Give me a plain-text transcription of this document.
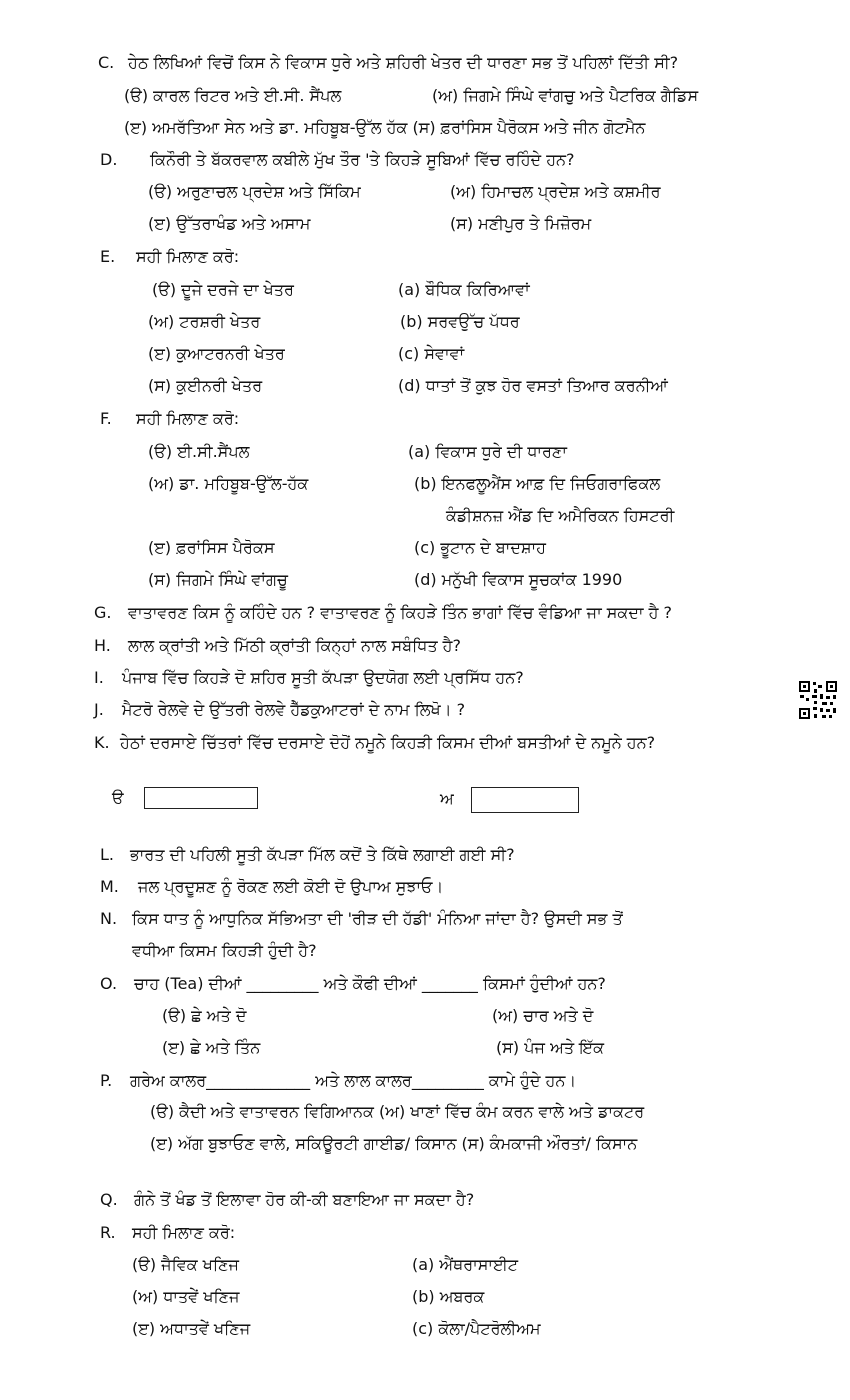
C. ਹੇਠ ਲਿਖਿਆਂ ਵਿਚੋਂ ਕਿਸ ਨੇ ਵਿਕਾਸ ਧੁਰੇ ਅਤੇ ਸ਼ਹਿਰੀ ਖੇਤਰ ਦੀ ਧਾਰਣਾ ਸਭ ਤੋਂ ਪਹਿਲਾਂ ਦਿੱਤੀ ਸੀ?
(ੳ) ਕਾਰਲ ਰਿਟਰ ਅਤੇ ਈ.ਸੀ. ਸੈਂਪਲ	(ਅ) ਜਿਗਮੇ ਸਿੰਘੇ ਵਾਂਗਚੁ ਅਤੇ ਪੈਟਰਿਕ ਗੈਡਿਸ
(ੲ) ਅਮਰੱਤਿਆ ਸੇਨ ਅਤੇ ਡਾ. ਮਹਿਬੂਬ-ਉੱਲ ਹੱਕ (ਸ) ਫ਼ਰਾਂਸਿਸ ਪੈਰੋਕਸ ਅਤੇ ਜੀਨ ਗੋਟਮੈਨ
D. ਕਿਨੌਰੀ ਤੇ ਬੱਕਰਵਾਲ ਕਬੀਲੇ ਮੁੱਖ ਤੌਰ 'ਤੇ ਕਿਹੜੇ ਸੂਬਿਆਂ ਵਿੱਚ ਰਹਿੰਦੇ ਹਨ?
(ੳ) ਅਰੁਣਾਚਲ ਪ੍ਰਦੇਸ਼ ਅਤੇ ਸਿੱਕਿਮ	(ਅ) ਹਿਮਾਚਲ ਪ੍ਰਦੇਸ਼ ਅਤੇ ਕਸ਼ਮੀਰ
(ੲ) ਉੱਤਰਾਖੰਡ ਅਤੇ ਅਸਾਮ	(ਸ) ਮਣੀਪੁਰ ਤੇ ਮਿਜ਼ੋਰਮ
E. ਸਹੀ ਮਿਲਾਣ ਕਰੋ:
(ੳ) ਦੂਜੇ ਦਰਜੇ ਦਾ ਖੇਤਰ	(a) ਬੌਧਿਕ ਕਿਰਿਆਵਾਂ
(ਅ) ਟਰਸ਼ਰੀ ਖੇਤਰ	(b) ਸਰਵਉੱਚ ਪੱਧਰ
(ੲ) ਕੁਆਟਰਨਰੀ ਖੇਤਰ	(c) ਸੇਵਾਵਾਂ
(ਸ) ਕੁਈਨਰੀ ਖੇਤਰ	(d) ਧਾਤਾਂ ਤੋਂ ਕੁਝ ਹੋਰ ਵਸਤਾਂ ਤਿਆਰ ਕਰਨੀਆਂ
F. ਸਹੀ ਮਿਲਾਣ ਕਰੋ:
(ੳ) ਈ.ਸੀ.ਸੈਂਪਲ	(a) ਵਿਕਾਸ ਧੁਰੇ ਦੀ ਧਾਰਣਾ
(ਅ) ਡਾ. ਮਹਿਬੂਬ-ਉੱਲ-ਹੱਕ	(b) ਇਨਫਲੂਐਂਸ ਆਫ਼ ਦਿ ਜਿਓਗਰਾਫਿਕਲ
ਕੰਡੀਸ਼ਨਜ਼ ਐਂਡ ਦਿ ਅਮੈਰਿਕਨ ਹਿਸਟਰੀ
(ੲ) ਫ਼ਰਾਂਸਿਸ ਪੈਰੋਕਸ	(c) ਭੂਟਾਨ ਦੇ ਬਾਦਸ਼ਾਹ
(ਸ) ਜਿਗਮੇ ਸਿੰਘੇ ਵਾਂਗਚੂ	(d) ਮਨੁੱਖੀ ਵਿਕਾਸ ਸੂਚਕਾਂਕ 1990
G. ਵਾਤਾਵਰਣ ਕਿਸ ਨੂੰ ਕਹਿੰਦੇ ਹਨ ? ਵਾਤਾਵਰਣ ਨੂੰ ਕਿਹੜੇ ਤਿੰਨ ਭਾਗਾਂ ਵਿੱਚ ਵੰਡਿਆ ਜਾ ਸਕਦਾ ਹੈ ?
H. ਲਾਲ ਕ੍ਰਾਂਤੀ ਅਤੇ ਮਿੱਠੀ ਕ੍ਰਾਂਤੀ ਕਿਨ੍ਹਾਂ ਨਾਲ ਸਬੰਧਿਤ ਹੈ?
I. ਪੰਜਾਬ ਵਿੱਚ ਕਿਹੜੇ ਦੋ ਸ਼ਹਿਰ ਸੂਤੀ ਕੱਪੜਾ ਉਦਯੋਗ ਲਈ ਪ੍ਰਸਿੱਧ ਹਨ?
J. ਮੈਟਰੋ ਰੇਲਵੇ ਦੇ ਉੱਤਰੀ ਰੇਲਵੇ ਹੈੱਡਕੁਆਟਰਾਂ ਦੇ ਨਾਮ ਲਿਖੋ। ?
K. ਹੇਠਾਂ ਦਰਸਾਏ ਚਿੱਤਰਾਂ ਵਿੱਚ ਦਰਸਾਏ ਦੋਹੋਂ ਨਮੂਨੇ ਕਿਹੜੀ ਕਿਸਮ ਦੀਆਂ ਬਸਤੀਆਂ ਦੇ ਨਮੂਨੇ ਹਨ?
ੳ	ਅ
L. ਭਾਰਤ ਦੀ ਪਹਿਲੀ ਸੂਤੀ ਕੱਪੜਾ ਮਿੱਲ ਕਦੋਂ ਤੇ ਕਿੱਥੇ ਲਗਾਈ ਗਈ ਸੀ?
M. ਜਲ ਪ੍ਰਦੂਸ਼ਣ ਨੂੰ ਰੋਕਣ ਲਈ ਕੋਈ ਦੋ ਉਪਾਅ ਸੁਝਾਓ।
N. ਕਿਸ ਧਾਤ ਨੂੰ ਆਧੁਨਿਕ ਸੱਭਿਅਤਾ ਦੀ 'ਰੀੜ ਦੀ ਹੱਡੀ' ਮੰਨਿਆ ਜਾਂਦਾ ਹੈ? ਉਸਦੀ ਸਭ ਤੋਂ
ਵਧੀਆ ਕਿਸਮ ਕਿਹੜੀ ਹੁੰਦੀ ਹੈ?
O. ਚਾਹ (Tea) ਦੀਆਂ _________ ਅਤੇ ਕੌਫੀ ਦੀਆਂ _______ ਕਿਸਮਾਂ ਹੁੰਦੀਆਂ ਹਨ?
(ੳ) ਛੇ ਅਤੇ ਦੋ	(ਅ) ਚਾਰ ਅਤੇ ਦੋ
(ੲ) ਛੇ ਅਤੇ ਤਿੰਨ	(ਸ) ਪੰਜ ਅਤੇ ਇੱਕ
P. ਗਰੇਅ ਕਾਲਰ_____________ ਅਤੇ ਲਾਲ ਕਾਲਰ_________ ਕਾਮੇ ਹੁੰਦੇ ਹਨ।
(ੳ) ਕੈਦੀ ਅਤੇ ਵਾਤਾਵਰਨ ਵਿਗਿਆਨਕ (ਅ) ਖਾਣਾਂ ਵਿੱਚ ਕੰਮ ਕਰਨ ਵਾਲੇ ਅਤੇ ਡਾਕਟਰ
(ੲ) ਅੱਗ ਬੁਝਾਓਣ ਵਾਲੇ, ਸਕਿਊਰਟੀ ਗਾਈਡ/ ਕਿਸਾਨ (ਸ) ਕੰਮਕਾਜੀ ਔਰਤਾਂ/ ਕਿਸਾਨ
Q. ਗੰਨੇ ਤੋਂ ਖੰਡ ਤੋਂ ਇਲਾਵਾ ਹੋਰ ਕੀ-ਕੀ ਬਣਾਇਆ ਜਾ ਸਕਦਾ ਹੈ?
R. ਸਹੀ ਮਿਲਾਣ ਕਰੋ:
(ੳ) ਜੈਵਿਕ ਖਣਿਜ	(a) ਐਂਥਰਾਸਾਈਟ
(ਅ) ਧਾਤਵੇਂ ਖਣਿਜ	(b) ਅਬਰਕ
(ੲ) ਅਧਾਤਵੇਂ ਖਣਿਜ	(c) ਕੋਲਾ/ਪੈਟਰੋਲੀਅਮ
